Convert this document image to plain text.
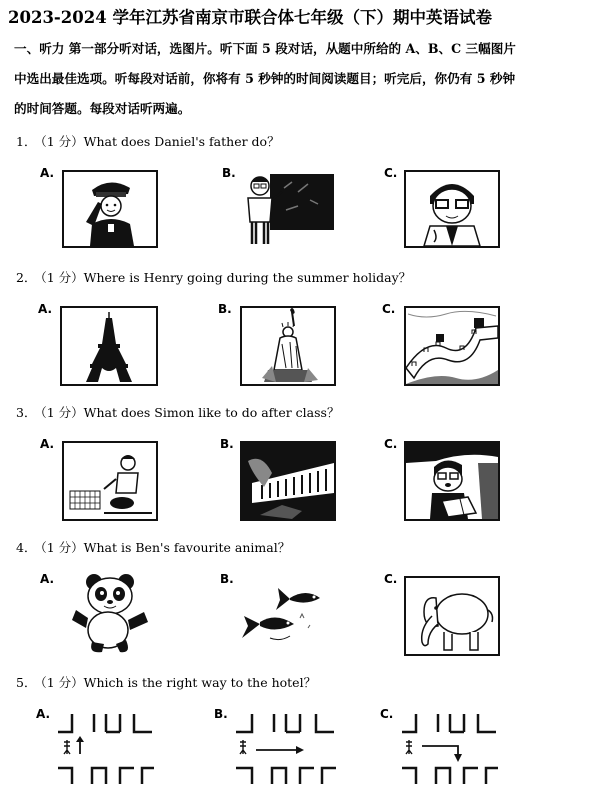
2023-2024 学年江苏省南京市联合体七年级（下）期中英语试卷

一、听力 第一部分听对话，选图片。听下面 5 段对话，从题中所给的 A、B、C 三幅图片

中选出最佳选项。听每段对话前，你将有 5 秒钟的时间阅读题目；听完后，你仍有 5 秒钟

的时间答题。每段对话听两遍。

1． （1 分）What does Daniel's father do？
A.	B.	C.
2． （1 分）Where is Henry going during the summer holiday？
A.	B.	C.
3． （1 分）What does Simon like to do after class？
A.	B.	C.
4． （1 分）What is Ben's favourite animal？
A.	B.	C.
5． （1 分）Which is the right way to the hotel？
A.	B.	C.
